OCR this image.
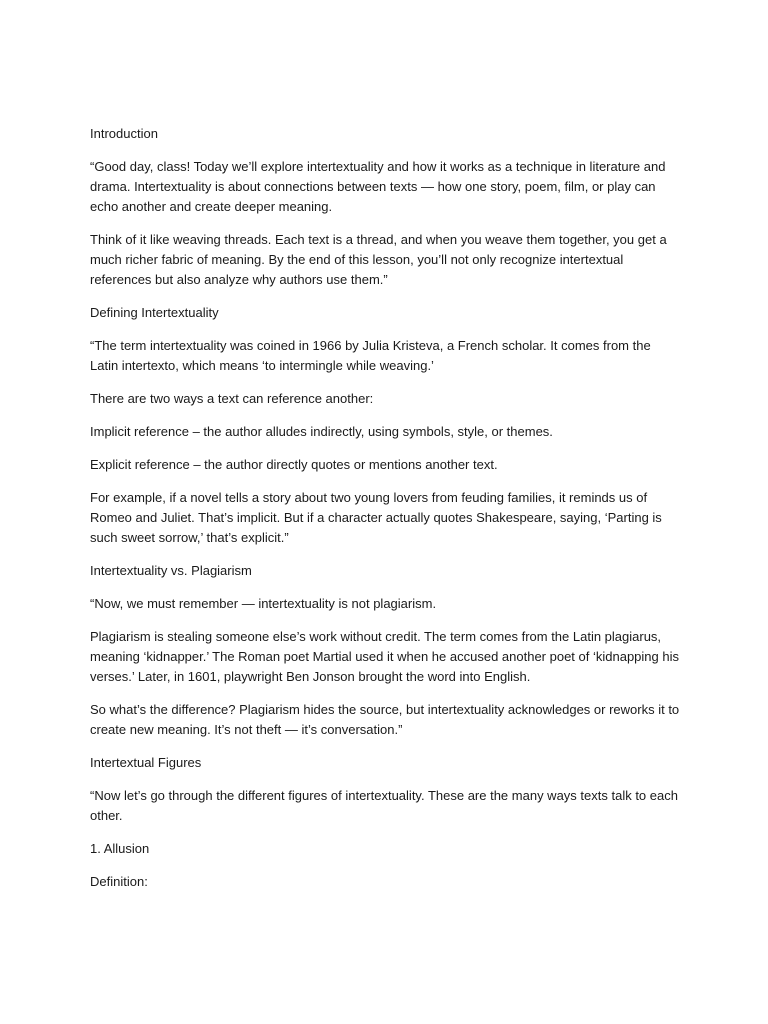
Introduction

“Good day, class! Today we’ll explore intertextuality and how it works as a technique in literature and drama. Intertextuality is about connections between texts — how one story, poem, film, or play can echo another and create deeper meaning.

Think of it like weaving threads. Each text is a thread, and when you weave them together, you get a much richer fabric of meaning. By the end of this lesson, you’ll not only recognize intertextual references but also analyze why authors use them.”

Defining Intertextuality

“The term intertextuality was coined in 1966 by Julia Kristeva, a French scholar. It comes from the Latin intertexto, which means ‘to intermingle while weaving.’

There are two ways a text can reference another:

Implicit reference – the author alludes indirectly, using symbols, style, or themes.

Explicit reference – the author directly quotes or mentions another text.

For example, if a novel tells a story about two young lovers from feuding families, it reminds us of Romeo and Juliet. That’s implicit. But if a character actually quotes Shakespeare, saying, ‘Parting is such sweet sorrow,’ that’s explicit.”

Intertextuality vs. Plagiarism

“Now, we must remember — intertextuality is not plagiarism.

Plagiarism is stealing someone else’s work without credit. The term comes from the Latin plagiarus, meaning ‘kidnapper.’ The Roman poet Martial used it when he accused another poet of ‘kidnapping his verses.’ Later, in 1601, playwright Ben Jonson brought the word into English.

So what’s the difference? Plagiarism hides the source, but intertextuality acknowledges or reworks it to create new meaning. It’s not theft — it’s conversation.”

Intertextual Figures

“Now let’s go through the different figures of intertextuality. These are the many ways texts talk to each other.

1. Allusion

Definition:
